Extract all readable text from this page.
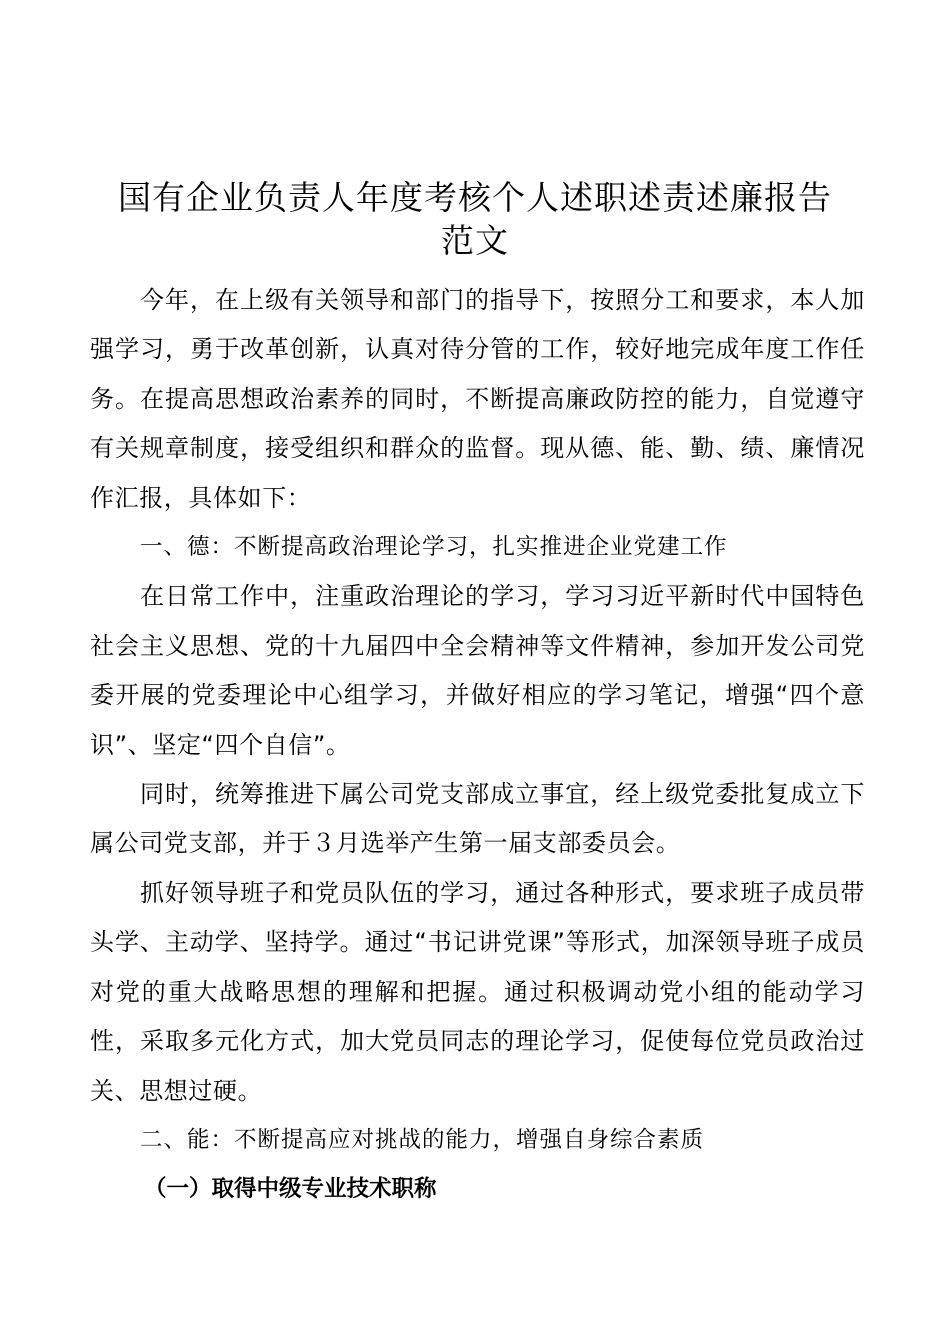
国有企业负责人年度考核个人述职述责述廉报告
范文

今年，在上级有关领导和部门的指导下，按照分工和要求，本人加强学习，勇于改革创新，认真对待分管的工作，较好地完成年度工作任务。在提高思想政治素养的同时，不断提高廉政防控的能力，自觉遵守有关规章制度，接受组织和群众的监督。现从德、能、勤、绩、廉情况作汇报，具体如下：

一、德：不断提高政治理论学习，扎实推进企业党建工作

在日常工作中，注重政治理论的学习，学习习近平新时代中国特色社会主义思想、党的十九届四中全会精神等文件精神，参加开发公司党委开展的党委理论中心组学习，并做好相应的学习笔记，增强“四个意识”、坚定“四个自信”。

同时，统筹推进下属公司党支部成立事宜，经上级党委批复成立下属公司党支部，并于３月选举产生第一届支部委员会。

抓好领导班子和党员队伍的学习，通过各种形式，要求班子成员带头学、主动学、坚持学。通过“书记讲党课”等形式，加深领导班子成员对党的重大战略思想的理解和把握。通过积极调动党小组的能动学习性，采取多元化方式，加大党员同志的理论学习，促使每位党员政治过关、思想过硬。

二、能：不断提高应对挑战的能力，增强自身综合素质

（一）取得中级专业技术职称
